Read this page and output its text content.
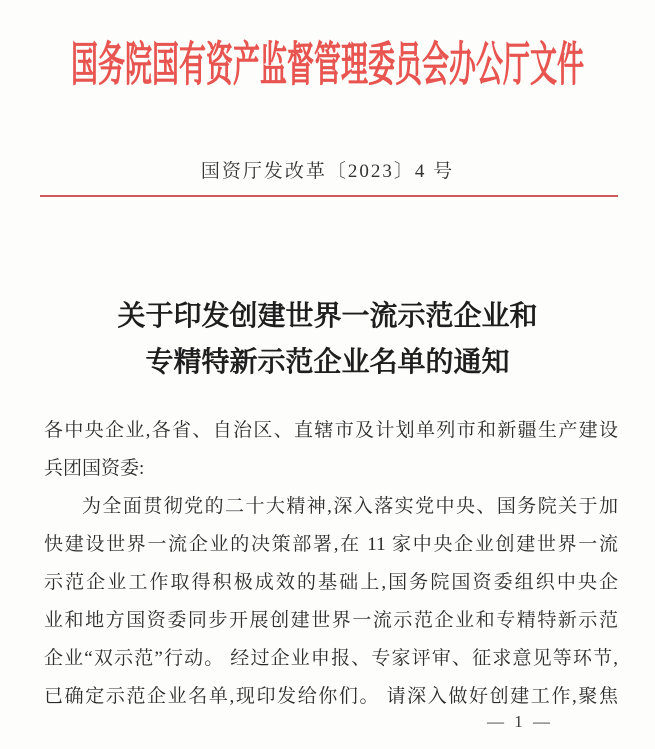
国务院国有资产监督管理委员会办公厅文件
国资厅发改革〔2023〕4 号
关于印发创建世界一流示范企业和
专精特新示范企业名单的通知
各中央企业,各省、自治区、直辖市及计划单列市和新疆生产建设
兵团国资委:
为全面贯彻党的二十大精神,深入落实党中央、国务院关于加
快建设世界一流企业的决策部署,在 11 家中央企业创建世界一流
示范企业工作取得积极成效的基础上,国务院国资委组织中央企
业和地方国资委同步开展创建世界一流示范企业和专精特新示范
企业“双示范”行动。 经过企业申报、专家评审、征求意见等环节,
已确定示范企业名单,现印发给你们。 请深入做好创建工作,聚焦
— 1 —
